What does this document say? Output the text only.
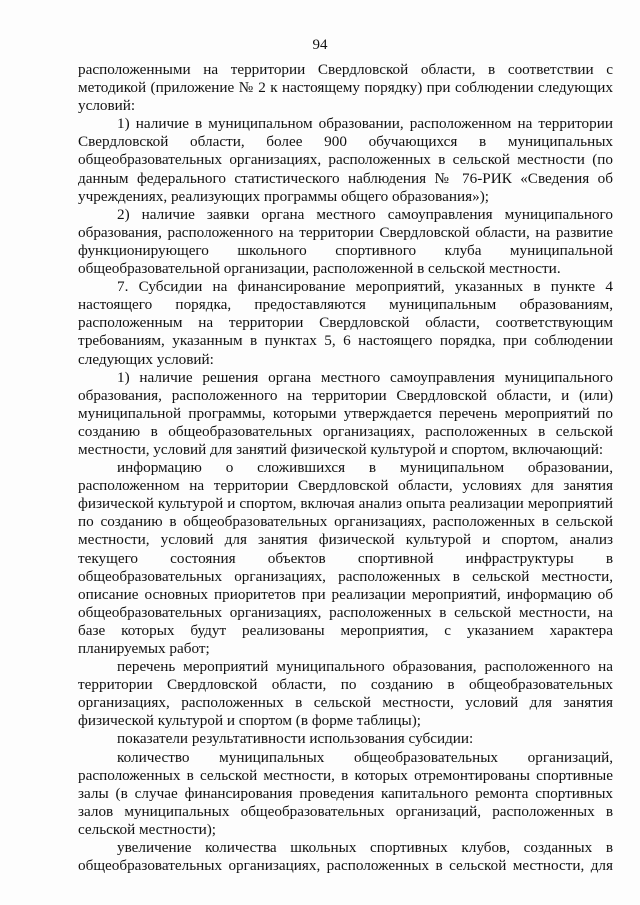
94

расположенными на территории Свердловской области, в соответствии с методикой (приложение № 2 к настоящему порядку) при соблюдении следующих условий:

1) наличие в муниципальном образовании, расположенном на территории Свердловской области, более 900 обучающихся в муниципальных общеобразовательных организациях, расположенных в сельской местности (по данным федерального статистического наблюдения № 76-РИК «Сведения об учреждениях, реализующих программы общего образования»);

2) наличие заявки органа местного самоуправления муниципального образования, расположенного на территории Свердловской области, на развитие функционирующего школьного спортивного клуба муниципальной общеобразовательной организации, расположенной в сельской местности.

7. Субсидии на финансирование мероприятий, указанных в пункте 4 настоящего порядка, предоставляются муниципальным образованиям, расположенным на территории Свердловской области, соответствующим требованиям, указанным в пунктах 5, 6 настоящего порядка, при соблюдении следующих условий:

1) наличие решения органа местного самоуправления муниципального образования, расположенного на территории Свердловской области, и (или) муниципальной программы, которыми утверждается перечень мероприятий по созданию в общеобразовательных организациях, расположенных в сельской местности, условий для занятий физической культурой и спортом, включающий:

информацию о сложившихся в муниципальном образовании, расположенном на территории Свердловской области, условиях для занятия физической культурой и спортом, включая анализ опыта реализации мероприятий по созданию в общеобразовательных организациях, расположенных в сельской местности, условий для занятия физической культурой и спортом, анализ текущего состояния объектов спортивной инфраструктуры в общеобразовательных организациях, расположенных в сельской местности, описание основных приоритетов при реализации мероприятий, информацию об общеобразовательных организациях, расположенных в сельской местности, на базе которых будут реализованы мероприятия, с указанием характера планируемых работ;

перечень мероприятий муниципального образования, расположенного на территории Свердловской области, по созданию в общеобразовательных организациях, расположенных в сельской местности, условий для занятия физической культурой и спортом (в форме таблицы);

показатели результативности использования субсидии:

количество муниципальных общеобразовательных организаций, расположенных в сельской местности, в которых отремонтированы спортивные залы (в случае финансирования проведения капитального ремонта спортивных залов муниципальных общеобразовательных организаций, расположенных в сельской местности);

увеличение количества школьных спортивных клубов, созданных в общеобразовательных организациях, расположенных в сельской местности, для
